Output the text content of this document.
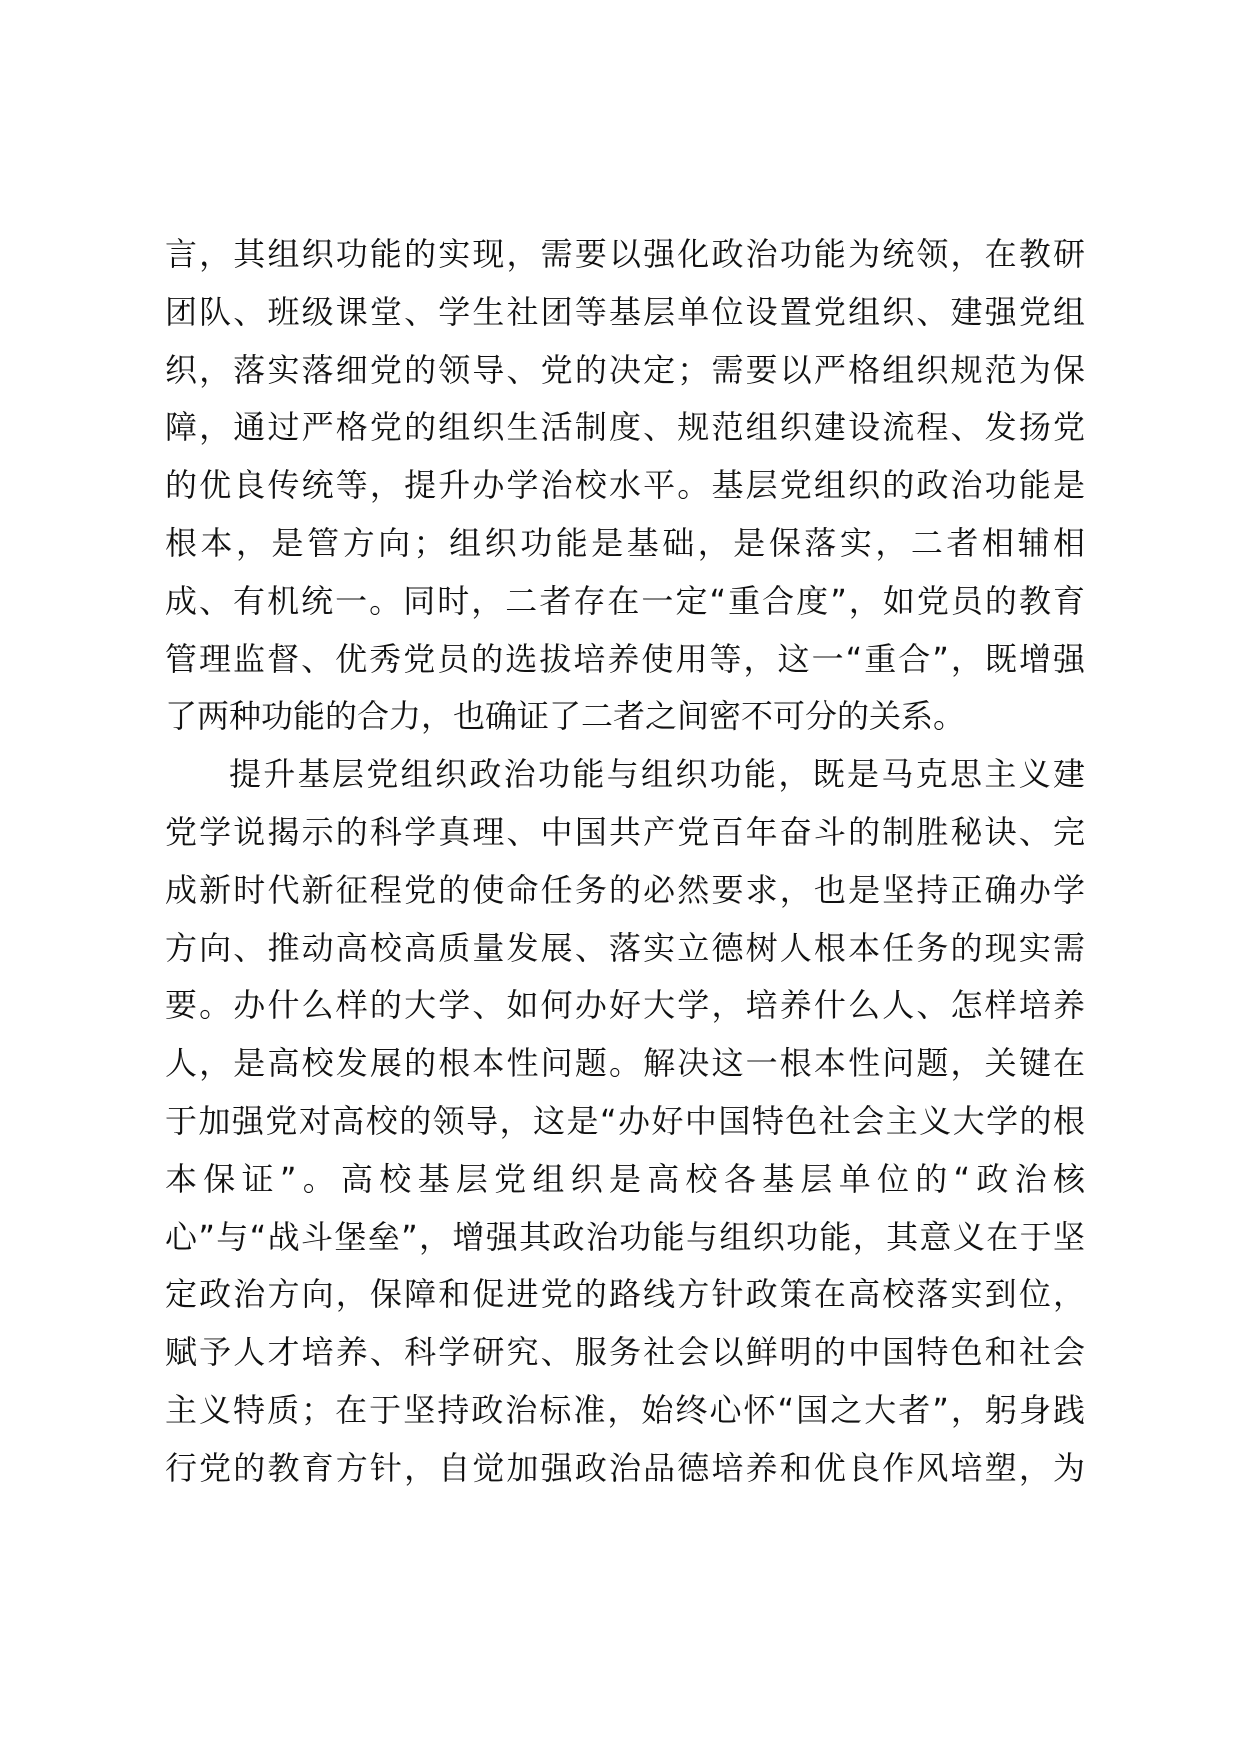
言，其组织功能的实现，需要以强化政治功能为统领，在教研
团队、班级课堂、学生社团等基层单位设置党组织、建强党组
织，落实落细党的领导、党的决定；需要以严格组织规范为保
障，通过严格党的组织生活制度、规范组织建设流程、发扬党
的优良传统等，提升办学治校水平。基层党组织的政治功能是
根本，是管方向；组织功能是基础，是保落实，二者相辅相
成、有机统一。同时，二者存在一定“重合度”，如党员的教育
管理监督、优秀党员的选拔培养使用等，这一“重合”，既增强
了两种功能的合力，也确证了二者之间密不可分的关系。
提升基层党组织政治功能与组织功能，既是马克思主义建
党学说揭示的科学真理、中国共产党百年奋斗的制胜秘诀、完
成新时代新征程党的使命任务的必然要求，也是坚持正确办学
方向、推动高校高质量发展、落实立德树人根本任务的现实需
要。办什么样的大学、如何办好大学，培养什么人、怎样培养
人，是高校发展的根本性问题。解决这一根本性问题，关键在
于加强党对高校的领导，这是“办好中国特色社会主义大学的根
本保证”。高校基层党组织是高校各基层单位的“政治核
心”与“战斗堡垒”，增强其政治功能与组织功能，其意义在于坚
定政治方向，保障和促进党的路线方针政策在高校落实到位，
赋予人才培养、科学研究、服务社会以鲜明的中国特色和社会
主义特质；在于坚持政治标准，始终心怀“国之大者”，躬身践
行党的教育方针，自觉加强政治品德培养和优良作风培塑，为
